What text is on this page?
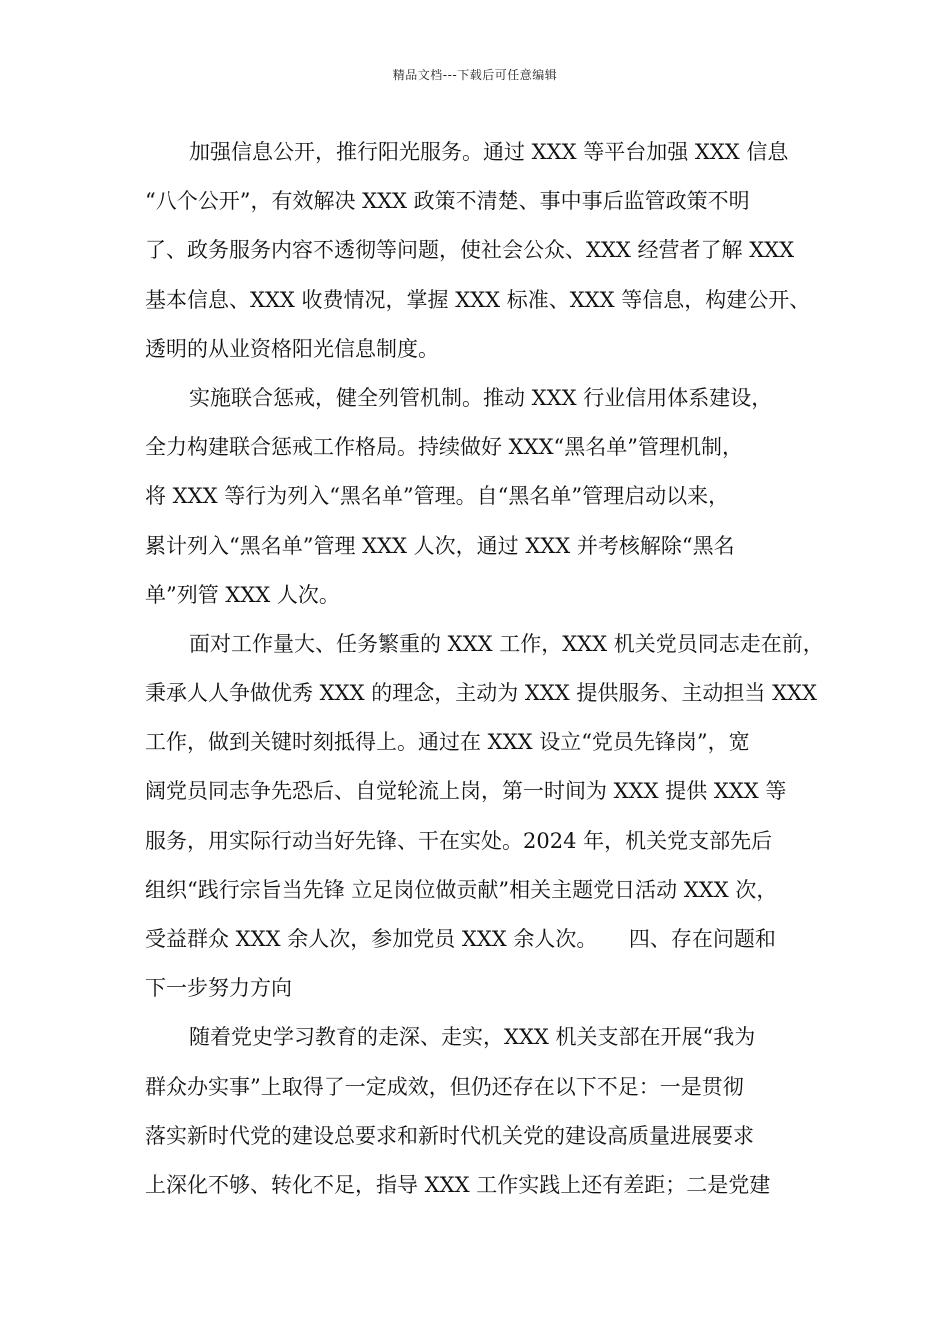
精品文档---下载后可任意编辑
加强信息公开，推行阳光服务。通过 XXX 等平台加强 XXX 信息
“八个公开”，有效解决 XXX 政策不清楚、事中事后监管政策不明
了、政务服务内容不透彻等问题，使社会公众、XXX 经营者了解 XXX
基本信息、XXX 收费情况，掌握 XXX 标准、XXX 等信息，构建公开、
透明的从业资格阳光信息制度。
实施联合惩戒，健全列管机制。推动 XXX 行业信用体系建设，
全力构建联合惩戒工作格局。持续做好 XXX“黑名单”管理机制，
将 XXX 等行为列入“黑名单”管理。自“黑名单”管理启动以来，
累计列入“黑名单”管理 XXX 人次，通过 XXX 并考核解除“黑名
单”列管 XXX 人次。
面对工作量大、任务繁重的 XXX 工作，XXX 机关党员同志走在前，
秉承人人争做优秀 XXX 的理念，主动为 XXX 提供服务、主动担当 XXX
工作，做到关键时刻抵得上。通过在 XXX 设立“党员先锋岗”，宽
阔党员同志争先恐后、自觉轮流上岗，第一时间为 XXX 提供 XXX 等
服务，用实际行动当好先锋、干在实处。2024 年，机关党支部先后
组织“践行宗旨当先锋 立足岗位做贡献”相关主题党日活动 XXX 次，
受益群众 XXX 余人次，参加党员 XXX 余人次。　　四、存在问题和
下一步努力方向
随着党史学习教育的走深、走实，XXX 机关支部在开展“我为
群众办实事”上取得了一定成效，但仍还存在以下不足：一是贯彻
落实新时代党的建设总要求和新时代机关党的建设高质量进展要求
上深化不够、转化不足，指导 XXX 工作实践上还有差距；二是党建
